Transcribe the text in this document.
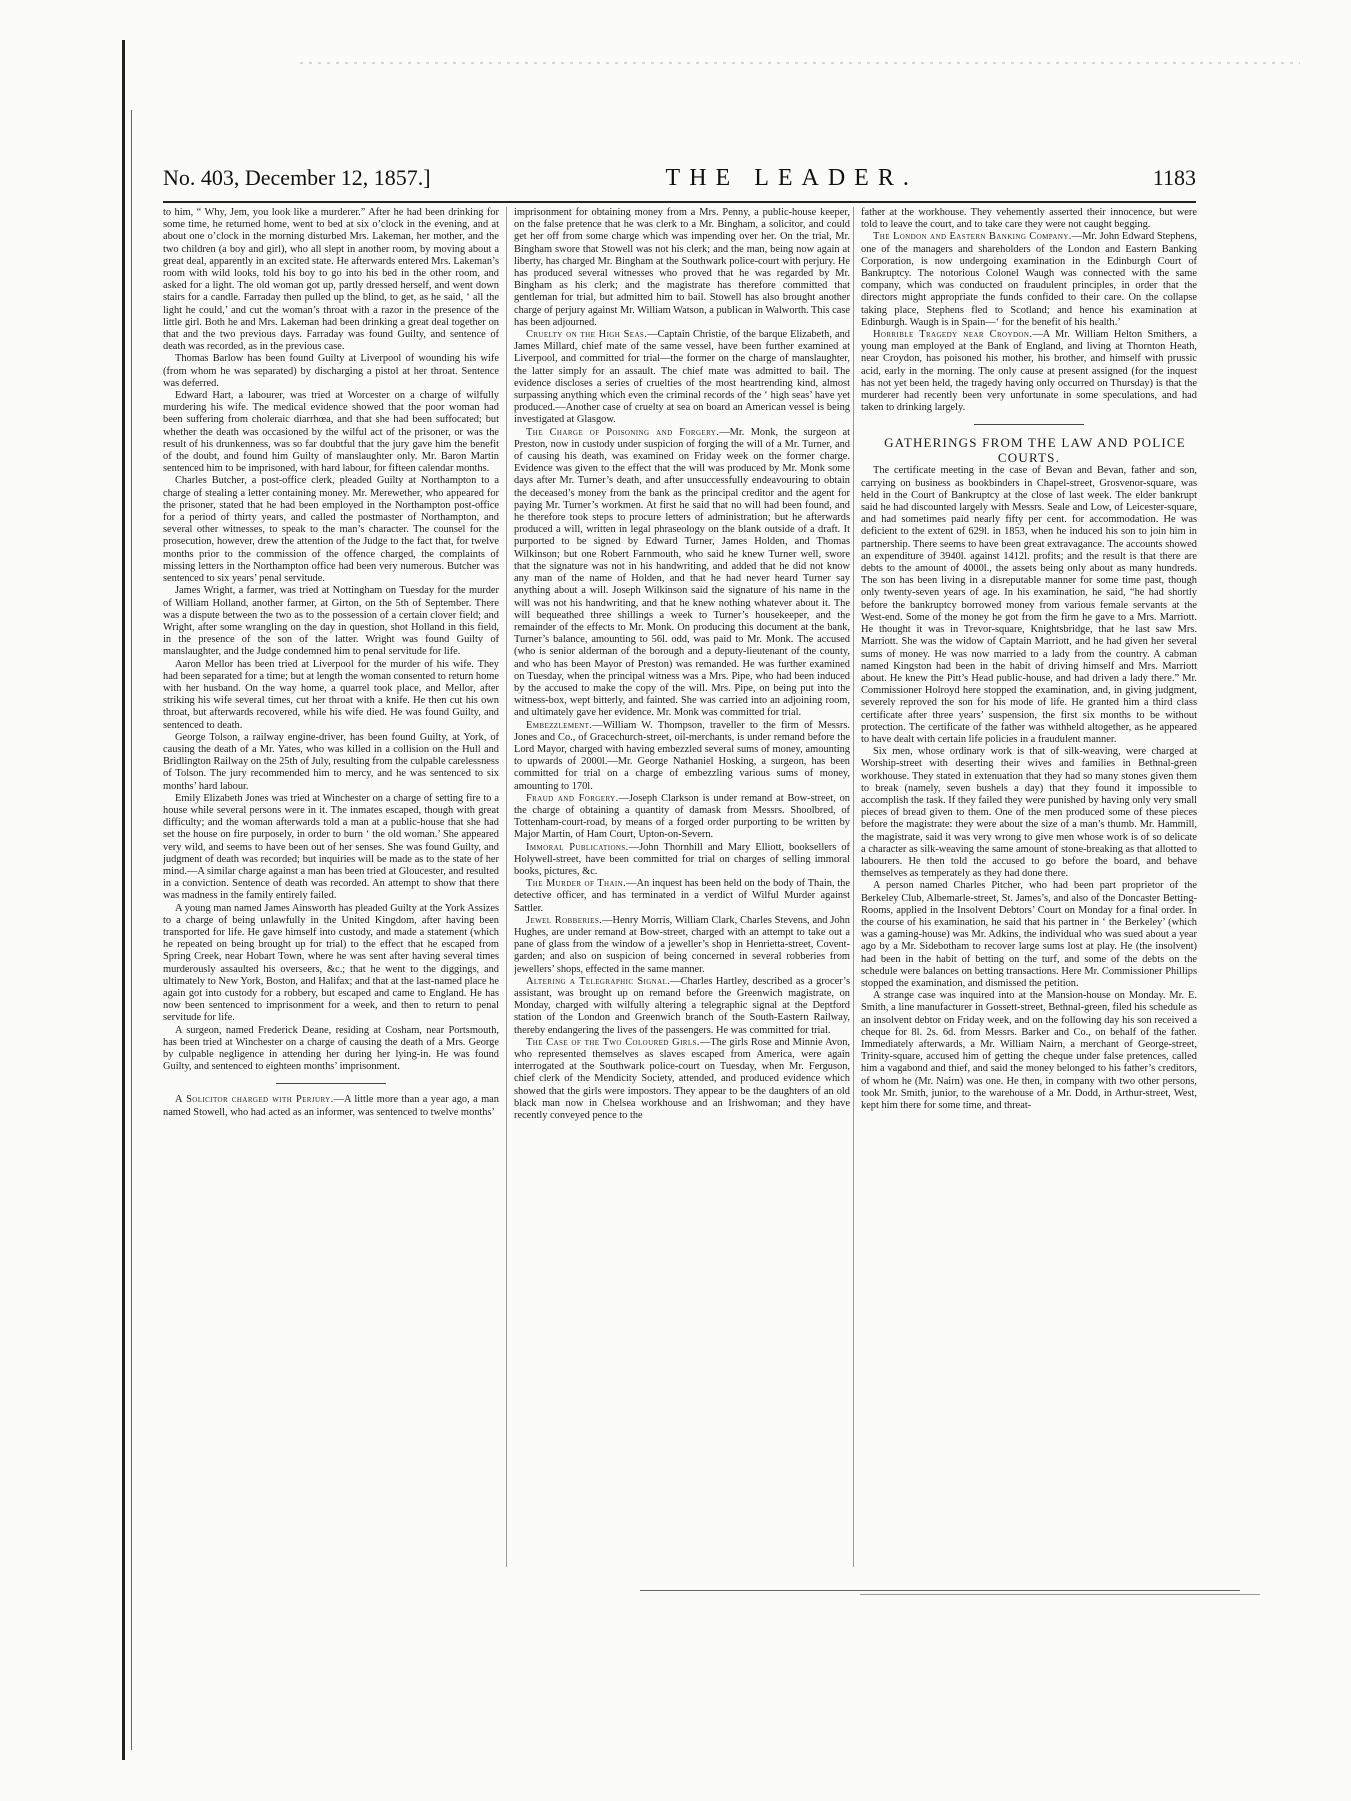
No. 403, December 12, 1857.]	THE LEADER.	1183

to him, “ Why, Jem, you look like a murderer.” After he had been drinking for some time, he returned home, went to bed at six o’clock in the evening, and at about one o’clock in the morning disturbed Mrs. Lakeman, her mother, and the two children (a boy and girl), who all slept in another room, by moving about a great deal, apparently in an excited state. He afterwards entered Mrs. Lakeman’s room with wild looks, told his boy to go into his bed in the other room, and asked for a light. The old woman got up, partly dressed herself, and went down stairs for a candle. Farraday then pulled up the blind, to get, as he said, ‘ all the light he could,’ and cut the woman’s throat with a razor in the presence of the little girl. Both he and Mrs. Lakeman had been drinking a great deal together on that and the two previous days. Farraday was found Guilty, and sentence of death was recorded, as in the previous case.

Thomas Barlow has been found Guilty at Liverpool of wounding his wife (from whom he was separated) by discharging a pistol at her throat. Sentence was deferred.

Edward Hart, a labourer, was tried at Worcester on a charge of wilfully murdering his wife. The medical evidence showed that the poor woman had been suffering from choleraic diarrhœa, and that she had been suffocated; but whether the death was occasioned by the wilful act of the prisoner, or was the result of his drunkenness, was so far doubtful that the jury gave him the benefit of the doubt, and found him Guilty of manslaughter only. Mr. Baron Martin sentenced him to be imprisoned, with hard labour, for fifteen calendar months.

Charles Butcher, a post-office clerk, pleaded Guilty at Northampton to a charge of stealing a letter containing money. Mr. Merewether, who appeared for the prisoner, stated that he had been employed in the Northampton post-office for a period of thirty years, and called the postmaster of Northampton, and several other witnesses, to speak to the man’s character. The counsel for the prosecution, however, drew the attention of the Judge to the fact that, for twelve months prior to the commission of the offence charged, the complaints of missing letters in the Northampton office had been very numerous. Butcher was sentenced to six years’ penal servitude.

James Wright, a farmer, was tried at Nottingham on Tuesday for the murder of William Holland, another farmer, at Girton, on the 5th of September. There was a dispute between the two as to the possession of a certain clover field; and Wright, after some wrangling on the day in question, shot Holland in this field, in the presence of the son of the latter. Wright was found Guilty of manslaughter, and the Judge condemned him to penal servitude for life.

Aaron Mellor has been tried at Liverpool for the murder of his wife. They had been separated for a time; but at length the woman consented to return home with her husband. On the way home, a quarrel took place, and Mellor, after striking his wife several times, cut her throat with a knife. He then cut his own throat, but afterwards recovered, while his wife died. He was found Guilty, and sentenced to death.

George Tolson, a railway engine-driver, has been found Guilty, at York, of causing the death of a Mr. Yates, who was killed in a collision on the Hull and Bridlington Railway on the 25th of July, resulting from the culpable carelessness of Tolson. The jury recommended him to mercy, and he was sentenced to six months’ hard labour.

Emily Elizabeth Jones was tried at Winchester on a charge of setting fire to a house while several persons were in it. The inmates escaped, though with great difficulty; and the woman afterwards told a man at a public-house that she had set the house on fire purposely, in order to burn ‘ the old woman.’ She appeared very wild, and seems to have been out of her senses. She was found Guilty, and judgment of death was recorded; but inquiries will be made as to the state of her mind.—A similar charge against a man has been tried at Gloucester, and resulted in a conviction. Sentence of death was recorded. An attempt to show that there was madness in the family entirely failed.

A young man named James Ainsworth has pleaded Guilty at the York Assizes to a charge of being unlawfully in the United Kingdom, after having been transported for life. He gave himself into custody, and made a statement (which he repeated on being brought up for trial) to the effect that he escaped from Spring Creek, near Hobart Town, where he was sent after having several times murderously assaulted his overseers, &c.; that he went to the diggings, and ultimately to New York, Boston, and Halifax; and that at the last-named place he again got into custody for a robbery, but escaped and came to England. He has now been sentenced to imprisonment for a week, and then to return to penal servitude for life.

A surgeon, named Frederick Deane, residing at Cosham, near Portsmouth, has been tried at Winchester on a charge of causing the death of a Mrs. George by culpable negligence in attending her during her lying-in. He was found Guilty, and sentenced to eighteen months’ imprisonment.

A Solicitor charged with Perjury.—A little more than a year ago, a man named Stowell, who had acted as an informer, was sentenced to twelve months’

imprisonment for obtaining money from a Mrs. Penny, a public-house keeper, on the false pretence that he was clerk to a Mr. Bingham, a solicitor, and could get her off from some charge which was impending over her. On the trial, Mr. Bingham swore that Stowell was not his clerk; and the man, being now again at liberty, has charged Mr. Bingham at the Southwark police-court with perjury. He has produced several witnesses who proved that he was regarded by Mr. Bingham as his clerk; and the magistrate has therefore committed that gentleman for trial, but admitted him to bail. Stowell has also brought another charge of perjury against Mr. William Watson, a publican in Walworth. This case has been adjourned.

Cruelty on the High Seas.—Captain Christie, of the barque Elizabeth, and James Millard, chief mate of the same vessel, have been further examined at Liverpool, and committed for trial—the former on the charge of manslaughter, the latter simply for an assault. The chief mate was admitted to bail. The evidence discloses a series of cruelties of the most heartrending kind, almost surpassing anything which even the criminal records of the ‘ high seas’ have yet produced.—Another case of cruelty at sea on board an American vessel is being investigated at Glasgow.

The Charge of Poisoning and Forgery.—Mr. Monk, the surgeon at Preston, now in custody under suspicion of forging the will of a Mr. Turner, and of causing his death, was examined on Friday week on the former charge. Evidence was given to the effect that the will was produced by Mr. Monk some days after Mr. Turner’s death, and after unsuccessfully endeavouring to obtain the deceased’s money from the bank as the principal creditor and the agent for paying Mr. Turner’s workmen. At first he said that no will had been found, and he therefore took steps to procure letters of administration; but he afterwards produced a will, written in legal phraseology on the blank outside of a draft. It purported to be signed by Edward Turner, James Holden, and Thomas Wilkinson; but one Robert Farnmouth, who said he knew Turner well, swore that the signature was not in his handwriting, and added that he did not know any man of the name of Holden, and that he had never heard Turner say anything about a will. Joseph Wilkinson said the signature of his name in the will was not his handwriting, and that he knew nothing whatever about it. The will bequeathed three shillings a week to Turner’s housekeeper, and the remainder of the effects to Mr. Monk. On producing this document at the bank, Turner’s balance, amounting to 56l. odd, was paid to Mr. Monk. The accused (who is senior alderman of the borough and a deputy-lieutenant of the county, and who has been Mayor of Preston) was remanded. He was further examined on Tuesday, when the principal witness was a Mrs. Pipe, who had been induced by the accused to make the copy of the will. Mrs. Pipe, on being put into the witness-box, wept bitterly, and fainted. She was carried into an adjoining room, and ultimately gave her evidence. Mr. Monk was committed for trial.

Embezzlement.—William W. Thompson, traveller to the firm of Messrs. Jones and Co., of Gracechurch-street, oil-merchants, is under remand before the Lord Mayor, charged with having embezzled several sums of money, amounting to upwards of 2000l.—Mr. George Nathaniel Hosking, a surgeon, has been committed for trial on a charge of embezzling various sums of money, amounting to 170l.

Fraud and Forgery.—Joseph Clarkson is under remand at Bow-street, on the charge of obtaining a quantity of damask from Messrs. Shoolbred, of Tottenham-court-road, by means of a forged order purporting to be written by Major Martin, of Ham Court, Upton-on-Severn.

Immoral Publications.—John Thornhill and Mary Elliott, booksellers of Holywell-street, have been committed for trial on charges of selling immoral books, pictures, &c.

The Murder of Thain.—An inquest has been held on the body of Thain, the detective officer, and has terminated in a verdict of Wilful Murder against Sattler.

Jewel Robberies.—Henry Morris, William Clark, Charles Stevens, and John Hughes, are under remand at Bow-street, charged with an attempt to take out a pane of glass from the window of a jeweller’s shop in Henrietta-street, Covent-garden; and also on suspicion of being concerned in several robberies from jewellers’ shops, effected in the same manner.

Altering a Telegraphic Signal.—Charles Hartley, described as a grocer’s assistant, was brought up on remand before the Greenwich magistrate, on Monday, charged with wilfully altering a telegraphic signal at the Deptford station of the London and Greenwich branch of the South-Eastern Railway, thereby endangering the lives of the passengers. He was committed for trial.

The Case of the Two Coloured Girls.—The girls Rose and Minnie Avon, who represented themselves as slaves escaped from America, were again interrogated at the Southwark police-court on Tuesday, when Mr. Ferguson, chief clerk of the Mendicity Society, attended, and produced evidence which showed that the girls were impostors. They appear to be the daughters of an old black man now in Chelsea workhouse and an Irishwoman; and they have recently conveyed pence to the

father at the workhouse. They vehemently asserted their innocence, but were told to leave the court, and to take care they were not caught begging.

The London and Eastern Banking Company.—Mr. John Edward Stephens, one of the managers and shareholders of the London and Eastern Banking Corporation, is now undergoing examination in the Edinburgh Court of Bankruptcy. The notorious Colonel Waugh was connected with the same company, which was conducted on fraudulent principles, in order that the directors might appropriate the funds confided to their care. On the collapse taking place, Stephens fled to Scotland; and hence his examination at Edinburgh. Waugh is in Spain—‘ for the benefit of his health.’

Horrible Tragedy near Croydon.—A Mr. William Helton Smithers, a young man employed at the Bank of England, and living at Thornton Heath, near Croydon, has poisoned his mother, his brother, and himself with prussic acid, early in the morning. The only cause at present assigned (for the inquest has not yet been held, the tragedy having only occurred on Thursday) is that the murderer had recently been very unfortunate in some speculations, and had taken to drinking largely.

GATHERINGS FROM THE LAW AND POLICE COURTS.

The certificate meeting in the case of Bevan and Bevan, father and son, carrying on business as bookbinders in Chapel-street, Grosvenor-square, was held in the Court of Bankruptcy at the close of last week. The elder bankrupt said he had discounted largely with Messrs. Seale and Low, of Leicester-square, and had sometimes paid nearly fifty per cent. for accommodation. He was deficient to the extent of 629l. in 1853, when he induced his son to join him in partnership. There seems to have been great extravagance. The accounts showed an expenditure of 3940l. against 1412l. profits; and the result is that there are debts to the amount of 4000l., the assets being only about as many hundreds. The son has been living in a disreputable manner for some time past, though only twenty-seven years of age. In his examination, he said, “he had shortly before the bankruptcy borrowed money from various female servants at the West-end. Some of the money he got from the firm he gave to a Mrs. Marriott. He thought it was in Trevor-square, Knightsbridge, that he last saw Mrs. Marriott. She was the widow of Captain Marriott, and he had given her several sums of money. He was now married to a lady from the country. A cabman named Kingston had been in the habit of driving himself and Mrs. Marriott about. He knew the Pitt’s Head public-house, and had driven a lady there.” Mr. Commissioner Holroyd here stopped the examination, and, in giving judgment, severely reproved the son for his mode of life. He granted him a third class certificate after three years’ suspension, the first six months to be without protection. The certificate of the father was withheld altogether, as he appeared to have dealt with certain life policies in a fraudulent manner.

Six men, whose ordinary work is that of silk-weaving, were charged at Worship-street with deserting their wives and families in Bethnal-green workhouse. They stated in extenuation that they had so many stones given them to break (namely, seven bushels a day) that they found it impossible to accomplish the task. If they failed they were punished by having only very small pieces of bread given to them. One of the men produced some of these pieces before the magistrate: they were about the size of a man’s thumb. Mr. Hammill, the magistrate, said it was very wrong to give men whose work is of so delicate a character as silk-weaving the same amount of stone-breaking as that allotted to labourers. He then told the accused to go before the board, and behave themselves as temperately as they had done there.

A person named Charles Pitcher, who had been part proprietor of the Berkeley Club, Albemarle-street, St. James’s, and also of the Doncaster Betting-Rooms, applied in the Insolvent Debtors’ Court on Monday for a final order. In the course of his examination, he said that his partner in ‘ the Berkeley’ (which was a gaming-house) was Mr. Adkins, the individual who was sued about a year ago by a Mr. Sidebotham to recover large sums lost at play. He (the insolvent) had been in the habit of betting on the turf, and some of the debts on the schedule were balances on betting transactions. Here Mr. Commissioner Phillips stopped the examination, and dismissed the petition.

A strange case was inquired into at the Mansion-house on Monday. Mr. E. Smith, a line manufacturer in Gossett-street, Bethnal-green, filed his schedule as an insolvent debtor on Friday week, and on the following day his son received a cheque for 8l. 2s. 6d. from Messrs. Barker and Co., on behalf of the father. Immediately afterwards, a Mr. William Nairn, a merchant of George-street, Trinity-square, accused him of getting the cheque under false pretences, called him a vagabond and thief, and said the money belonged to his father’s creditors, of whom he (Mr. Nairn) was one. He then, in company with two other persons, took Mr. Smith, junior, to the warehouse of a Mr. Dodd, in Arthur-street, West, kept him there for some time, and threat-
